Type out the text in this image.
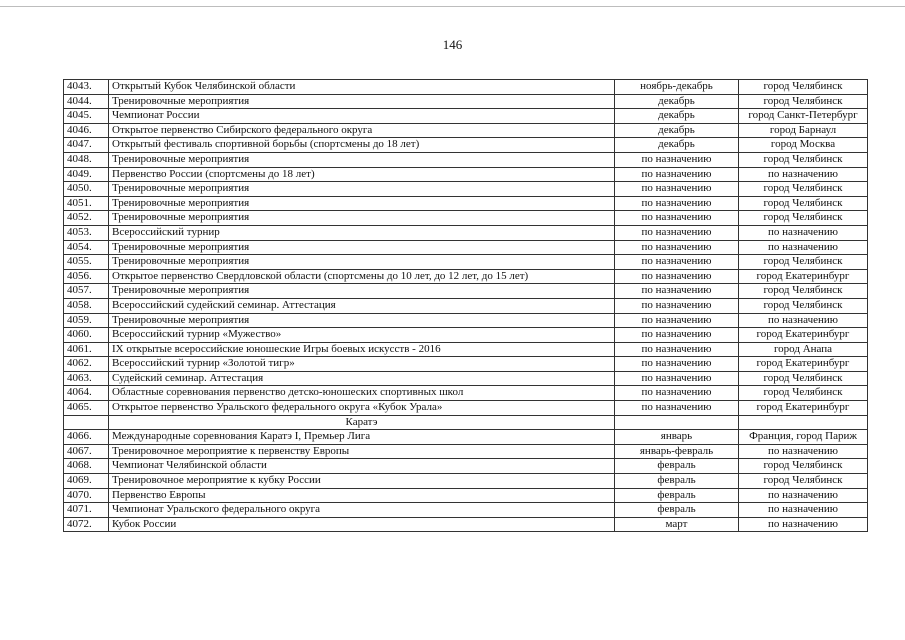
146
4043.	Открытый Кубок Челябинской области	ноябрь-декабрь	город Челябинск
4044.	Тренировочные мероприятия	декабрь	город Челябинск
4045.	Чемпионат России	декабрь	город Санкт-Петербург
4046.	Открытое первенство Сибирского федерального округа	декабрь	город Барнаул
4047.	Открытый фестиваль спортивной борьбы (спортсмены до 18 лет)	декабрь	город Москва
4048.	Тренировочные мероприятия	по назначению	город Челябинск
4049.	Первенство России (спортсмены до 18 лет)	по назначению	по назначению
4050.	Тренировочные мероприятия	по назначению	город Челябинск
4051.	Тренировочные мероприятия	по назначению	город Челябинск
4052.	Тренировочные мероприятия	по назначению	город Челябинск
4053.	Всероссийский турнир	по назначению	по назначению
4054.	Тренировочные мероприятия	по назначению	по назначению
4055.	Тренировочные мероприятия	по назначению	город Челябинск
4056.	Открытое первенство Свердловской области (спортсмены до 10 лет, до 12 лет, до 15 лет)	по назначению	город Екатеринбург
4057.	Тренировочные мероприятия	по назначению	город Челябинск
4058.	Всероссийский судейский семинар. Аттестация	по назначению	город Челябинск
4059.	Тренировочные мероприятия	по назначению	по назначению
4060.	Всероссийский турнир «Мужество»	по назначению	город Екатеринбург
4061.	IX открытые всероссийские юношеские Игры боевых искусств - 2016	по назначению	город Анапа
4062.	Всероссийский турнир «Золотой тигр»	по назначению	город Екатеринбург
4063.	Судейский семинар. Аттестация	по назначению	город Челябинск
4064.	Областные соревнования первенство детско-юношеских спортивных школ	по назначению	город Челябинск
4065.	Открытое первенство Уральского федерального округа «Кубок Урала»	по назначению	город Екатеринбург
	Каратэ		
4066.	Международные соревнования Каратэ I, Премьер Лига	январь	Франция, город Париж
4067.	Тренировочное мероприятие к первенству Европы	январь-февраль	по назначению
4068.	Чемпионат Челябинской области	февраль	город Челябинск
4069.	Тренировочное мероприятие к кубку России	февраль	город Челябинск
4070.	Первенство Европы	февраль	по назначению
4071.	Чемпионат Уральского федерального округа	февраль	по назначению
4072.	Кубок России	март	по назначению
